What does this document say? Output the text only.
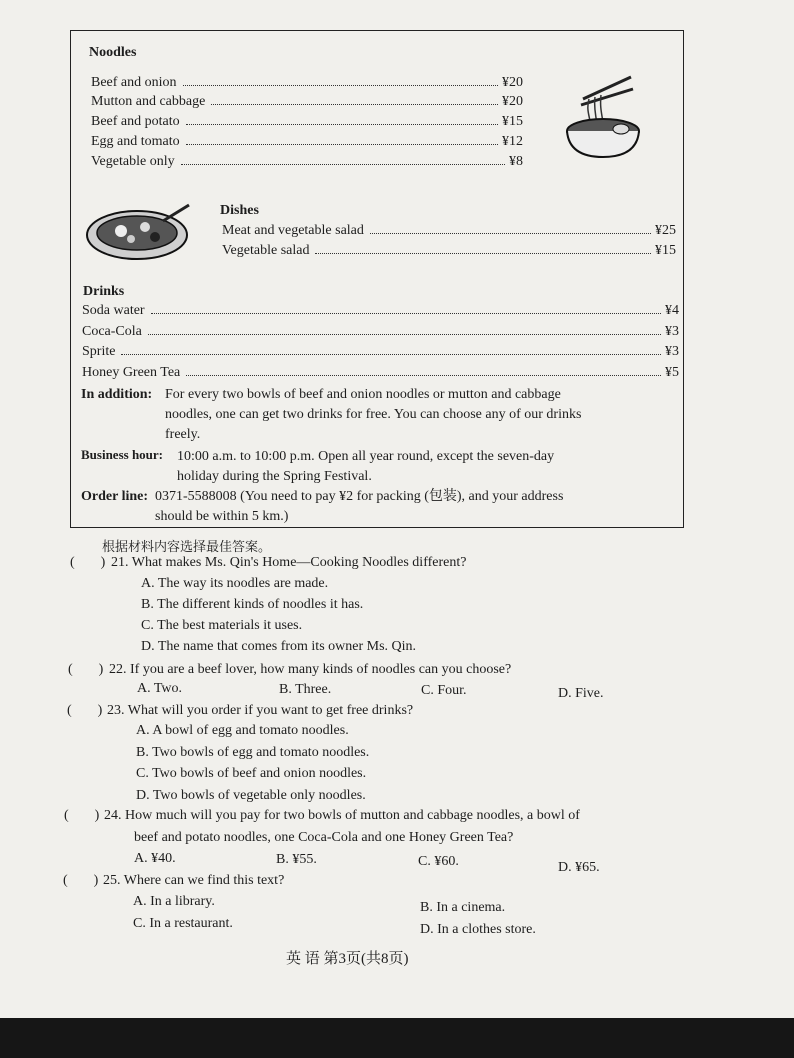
Noodles
Beef and onion	¥20
Mutton and cabbage	¥20
Beef and potato	¥15
Egg and tomato	¥12
Vegetable only	¥8
Dishes
Meat and vegetable salad	¥25
Vegetable salad	¥15
Drinks
Soda water	¥4
Coca-Cola	¥3
Sprite	¥3
Honey Green Tea	¥5
In addition: For every two bowls of beef and onion noodles or mutton and cabbage
noodles, one can get two drinks for free. You can choose any of our drinks
freely.
Business hour: 10:00 a.m. to 10:00 p.m. Open all year round, except the seven-day
holiday during the Spring Festival.
Order line: 0371-5588008 (You need to pay ¥2 for packing (包装), and your address
should be within 5 km.)
根据材料内容选择最佳答案。
( ) 21. What makes Ms. Qin's Home—Cooking Noodles different?
A. The way its noodles are made.
B. The different kinds of noodles it has.
C. The best materials it uses.
D. The name that comes from its owner Ms. Qin.
( ) 22. If you are a beef lover, how many kinds of noodles can you choose?
A. Two.	B. Three.	C. Four.	D. Five.
( ) 23. What will you order if you want to get free drinks?
A. A bowl of egg and tomato noodles.
B. Two bowls of egg and tomato noodles.
C. Two bowls of beef and onion noodles.
D. Two bowls of vegetable only noodles.
( ) 24. How much will you pay for two bowls of mutton and cabbage noodles, a bowl of
beef and potato noodles, one Coca-Cola and one Honey Green Tea?
A. ¥40.	B. ¥55.	C. ¥60.	D. ¥65.
( ) 25. Where can we find this text?
A. In a library.	B. In a cinema.
C. In a restaurant.	D. In a clothes store.
英 语 第3页(共8页)
